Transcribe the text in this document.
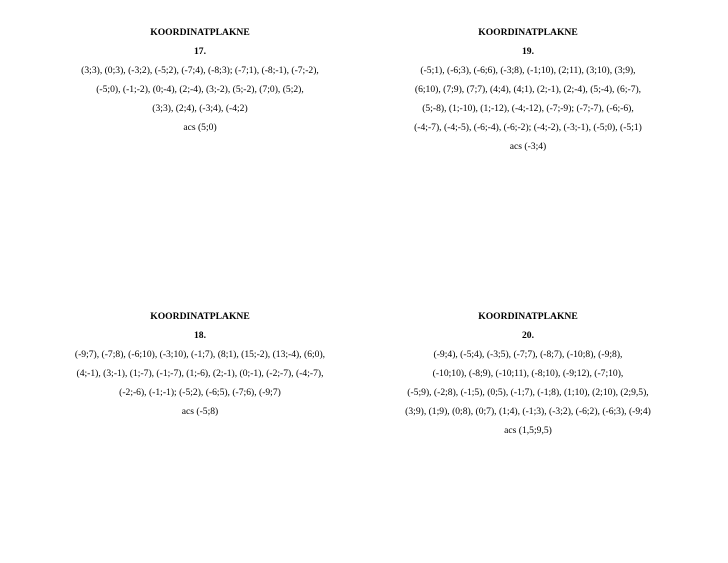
KOORDINATPLAKNE
17.
(3;3), (0;3), (-3;2), (-5;2), (-7;4), (-8;3); (-7;1), (-8;-1), (-7;-2),
(-5;0), (-1;-2), (0;-4), (2;-4), (3;-2), (5;-2), (7;0), (5;2),
(3;3), (2;4), (-3;4), (-4;2)
acs (5;0)
KOORDINATPLAKNE
19.
(-5;1), (-6;3), (-6;6), (-3;8), (-1;10), (2;11), (3;10), (3;9),
(6;10), (7;9), (7;7), (4;4), (4;1), (2;-1), (2;-4), (5;-4), (6;-7),
(5;-8), (1;-10), (1;-12), (-4;-12), (-7;-9); (-7;-7), (-6;-6),
(-4;-7), (-4;-5), (-6;-4), (-6;-2); (-4;-2), (-3;-1), (-5;0), (-5;1)
acs (-3;4)
KOORDINATPLAKNE
18.
(-9;7), (-7;8), (-6;10), (-3;10), (-1;7), (8;1), (15;-2), (13;-4), (6;0),
(4;-1), (3;-1), (1;-7), (-1;-7), (1;-6), (2;-1), (0;-1), (-2;-7), (-4;-7),
(-2;-6), (-1;-1); (-5;2), (-6;5), (-7;6), (-9;7)
acs (-5;8)
KOORDINATPLAKNE
20.
(-9;4), (-5;4), (-3;5), (-7;7), (-8;7), (-10;8), (-9;8),
(-10;10), (-8;9), (-10;11), (-8;10), (-9;12), (-7;10),
(-5;9), (-2;8), (-1;5), (0;5), (-1;7), (-1;8), (1;10), (2;10), (2;9,5),
(3;9), (1;9), (0;8), (0;7), (1;4), (-1;3), (-3;2), (-6;2), (-6;3), (-9;4)
acs (1,5;9,5)
